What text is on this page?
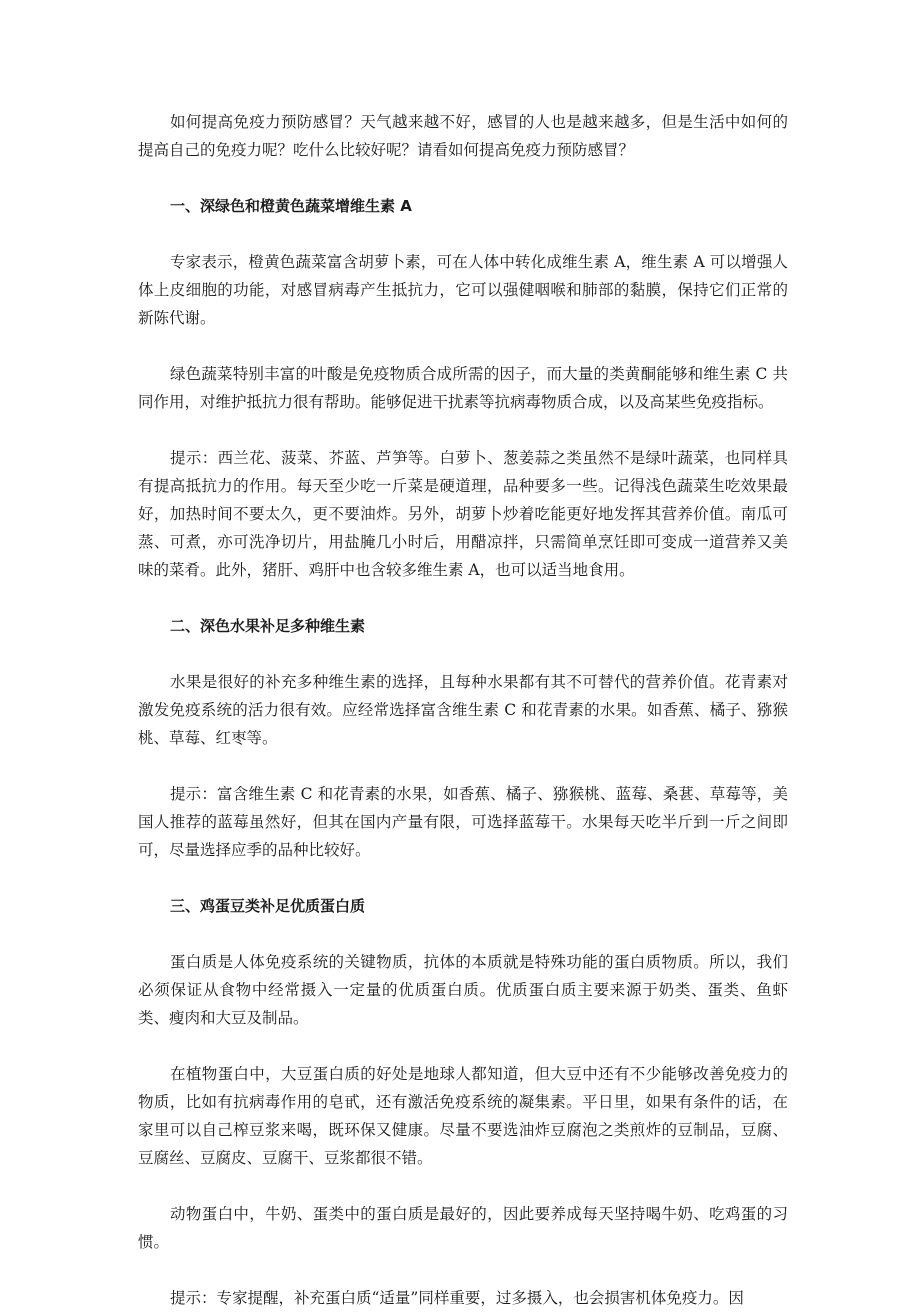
如何提高免疫力预防感冒？天气越来越不好，感冒的人也是越来越多，但是生活中如何的提高自己的免疫力呢？吃什么比较好呢？请看如何提高免疫力预防感冒？

一、深绿色和橙黄色蔬菜增维生素 A

专家表示，橙黄色蔬菜富含胡萝卜素，可在人体中转化成维生素 A，维生素 A 可以增强人体上皮细胞的功能，对感冒病毒产生抵抗力，它可以强健咽喉和肺部的黏膜，保持它们正常的新陈代谢。

绿色蔬菜特别丰富的叶酸是免疫物质合成所需的因子，而大量的类黄酮能够和维生素 C 共同作用，对维护抵抗力很有帮助。能够促进干扰素等抗病毒物质合成，以及高某些免疫指标。

提示：西兰花、菠菜、芥蓝、芦笋等。白萝卜、葱姜蒜之类虽然不是绿叶蔬菜，也同样具有提高抵抗力的作用。每天至少吃一斤菜是硬道理，品种要多一些。记得浅色蔬菜生吃效果最好，加热时间不要太久，更不要油炸。另外，胡萝卜炒着吃能更好地发挥其营养价值。南瓜可蒸、可煮，亦可洗净切片，用盐腌几小时后，用醋凉拌，只需简单烹饪即可变成一道营养又美味的菜肴。此外，猪肝、鸡肝中也含较多维生素 A，也可以适当地食用。

二、深色水果补足多种维生素

水果是很好的补充多种维生素的选择，且每种水果都有其不可替代的营养价值。花青素对激发免疫系统的活力很有效。应经常选择富含维生素 C 和花青素的水果。如香蕉、橘子、猕猴桃、草莓、红枣等。

提示：富含维生素 C 和花青素的水果，如香蕉、橘子、猕猴桃、蓝莓、桑葚、草莓等，美国人推荐的蓝莓虽然好，但其在国内产量有限，可选择蓝莓干。水果每天吃半斤到一斤之间即可，尽量选择应季的品种比较好。

三、鸡蛋豆类补足优质蛋白质

蛋白质是人体免疫系统的关键物质，抗体的本质就是特殊功能的蛋白质物质。所以，我们必须保证从食物中经常摄入一定量的优质蛋白质。优质蛋白质主要来源于奶类、蛋类、鱼虾类、瘦肉和大豆及制品。

在植物蛋白中，大豆蛋白质的好处是地球人都知道，但大豆中还有不少能够改善免疫力的物质，比如有抗病毒作用的皂甙，还有激活免疫系统的凝集素。平日里，如果有条件的话，在家里可以自己榨豆浆来喝，既环保又健康。尽量不要选油炸豆腐泡之类煎炸的豆制品，豆腐、豆腐丝、豆腐皮、豆腐干、豆浆都很不错。

动物蛋白中，牛奶、蛋类中的蛋白质是最好的，因此要养成每天坚持喝牛奶、吃鸡蛋的习惯。

提示：专家提醒，补充蛋白质“适量”同样重要，过多摄入，也会损害机体免疫力。因
